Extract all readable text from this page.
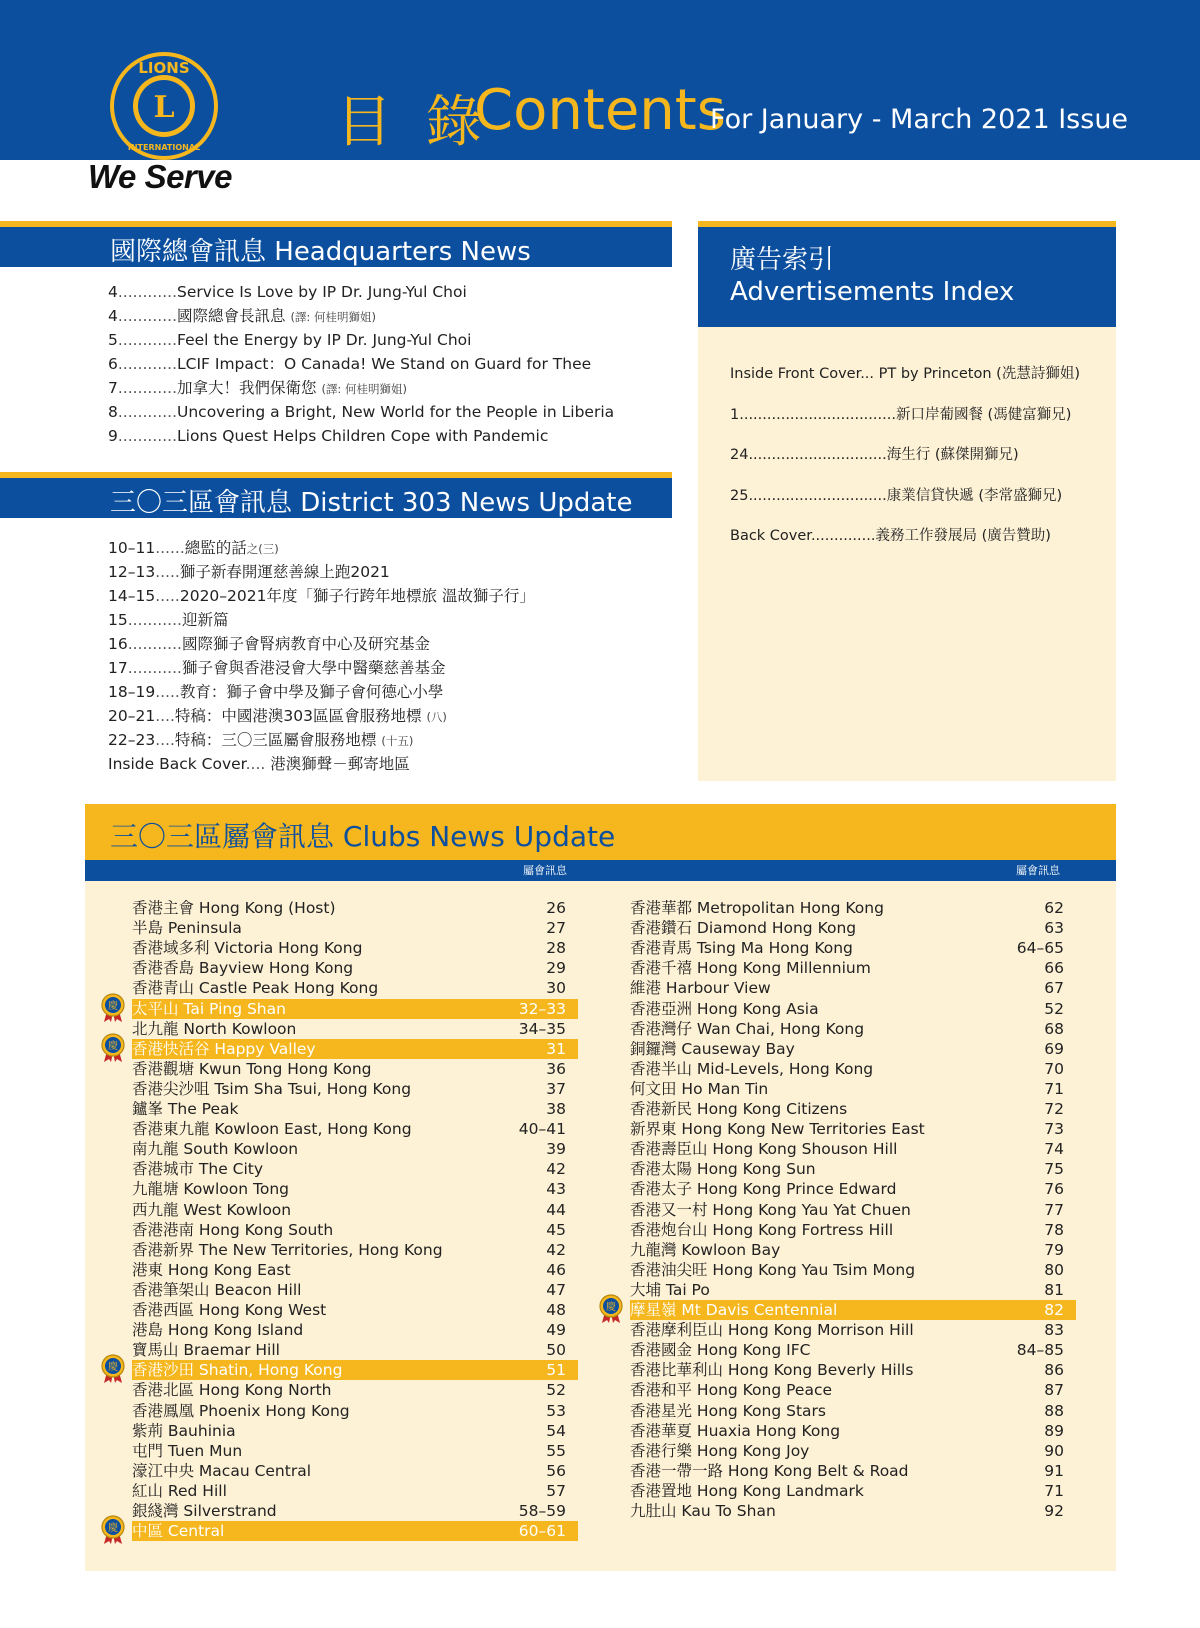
LIONS
L
INTERNATIONAL 目 錄
Contents
For January - March 2021 Issue
We Serve
國際總會訊息 Headquarters News
4............Service Is Love by IP Dr. Jung-Yul Choi
4............國際總會長訊息 (譯: 何桂明獅姐)
5............Feel the Energy by IP Dr. Jung-Yul Choi
6............LCIF Impact：O Canada! We Stand on Guard for Thee
7............加拿大！我們保衛您 (譯: 何桂明獅姐)
8............Uncovering a Bright, New World for the People in Liberia
9............Lions Quest Helps Children Cope with Pandemic
三〇三區會訊息 District 303 News Update
10–11......總監的話之(三)
12–13.....獅子新春開運慈善線上跑2021
14–15.....2020–2021年度「獅子行跨年地標旅 溫故獅子行」
15...........迎新篇
16...........國際獅子會腎病教育中心及研究基金
17...........獅子會與香港浸會大學中醫藥慈善基金
18–19.....教育：獅子會中學及獅子會何德心小學
20–21....特稿：中國港澳303區區會服務地標 (八)
22–23....特稿：三〇三區屬會服務地標 (十五)
Inside Back Cover.... 港澳獅聲－郵寄地區
廣告索引
Advertisements Index
Inside Front Cover... PT by Princeton (冼慧詩獅姐)
1..................................新口岸葡國餐 (馮健富獅兄)
24..............................海生行 (蘇傑開獅兄)
25..............................康業信貸快遞 (李常盛獅兄)
Back Cover..............義務工作發展局 (廣告贊助)
三〇三區屬會訊息 Clubs News Update
屬會訊息	屬會訊息
香港主會 Hong Kong (Host)	26
半島 Peninsula	27
香港域多利 Victoria Hong Kong	28
香港香島 Bayview Hong Kong	29
香港青山 Castle Peak Hong Kong	30
太平山 Tai Ping Shan	32–33
慶
北九龍 North Kowloon	34–35
香港快活谷 Happy Valley	31
慶
香港觀塘 Kwun Tong Hong Kong	36
香港尖沙咀 Tsim Sha Tsui, Hong Kong	37
鑪峯 The Peak	38
香港東九龍 Kowloon East, Hong Kong	40–41
南九龍 South Kowloon	39
香港城市 The City	42
九龍塘 Kowloon Tong	43
西九龍 West Kowloon	44
香港港南 Hong Kong South	45
香港新界 The New Territories, Hong Kong	42
港東 Hong Kong East	46
香港筆架山 Beacon Hill	47
香港西區 Hong Kong West	48
港島 Hong Kong Island	49
寶馬山 Braemar Hill	50
香港沙田 Shatin, Hong Kong	51
慶
香港北區 Hong Kong North	52
香港鳳凰 Phoenix Hong Kong	53
紫荊 Bauhinia	54
屯門 Tuen Mun	55
濠江中央 Macau Central	56
紅山 Red Hill	57
銀綫灣 Silverstrand	58–59
中區 Central	60–61
慶
香港華都 Metropolitan Hong Kong	62
香港鑽石 Diamond Hong Kong	63
香港青馬 Tsing Ma Hong Kong	64–65
香港千禧 Hong Kong Millennium	66
維港 Harbour View	67
香港亞洲 Hong Kong Asia	52
香港灣仔 Wan Chai, Hong Kong	68
銅鑼灣 Causeway Bay	69
香港半山 Mid-Levels, Hong Kong	70
何文田 Ho Man Tin	71
香港新民 Hong Kong Citizens	72
新界東 Hong Kong New Territories East	73
香港壽臣山 Hong Kong Shouson Hill	74
香港太陽 Hong Kong Sun	75
香港太子 Hong Kong Prince Edward	76
香港又一村 Hong Kong Yau Yat Chuen	77
香港炮台山 Hong Kong Fortress Hill	78
九龍灣 Kowloon Bay	79
香港油尖旺 Hong Kong Yau Tsim Mong	80
大埔 Tai Po	81
摩星嶺 Mt Davis Centennial	82
慶
香港摩利臣山 Hong Kong Morrison Hill	83
香港國金 Hong Kong IFC	84–85
香港比華利山 Hong Kong Beverly Hills	86
香港和平 Hong Kong Peace	87
香港星光 Hong Kong Stars	88
香港華夏 Huaxia Hong Kong	89
香港行樂 Hong Kong Joy	90
香港一帶一路 Hong Kong Belt & Road	91
香港置地 Hong Kong Landmark	71
九肚山 Kau To Shan	92
